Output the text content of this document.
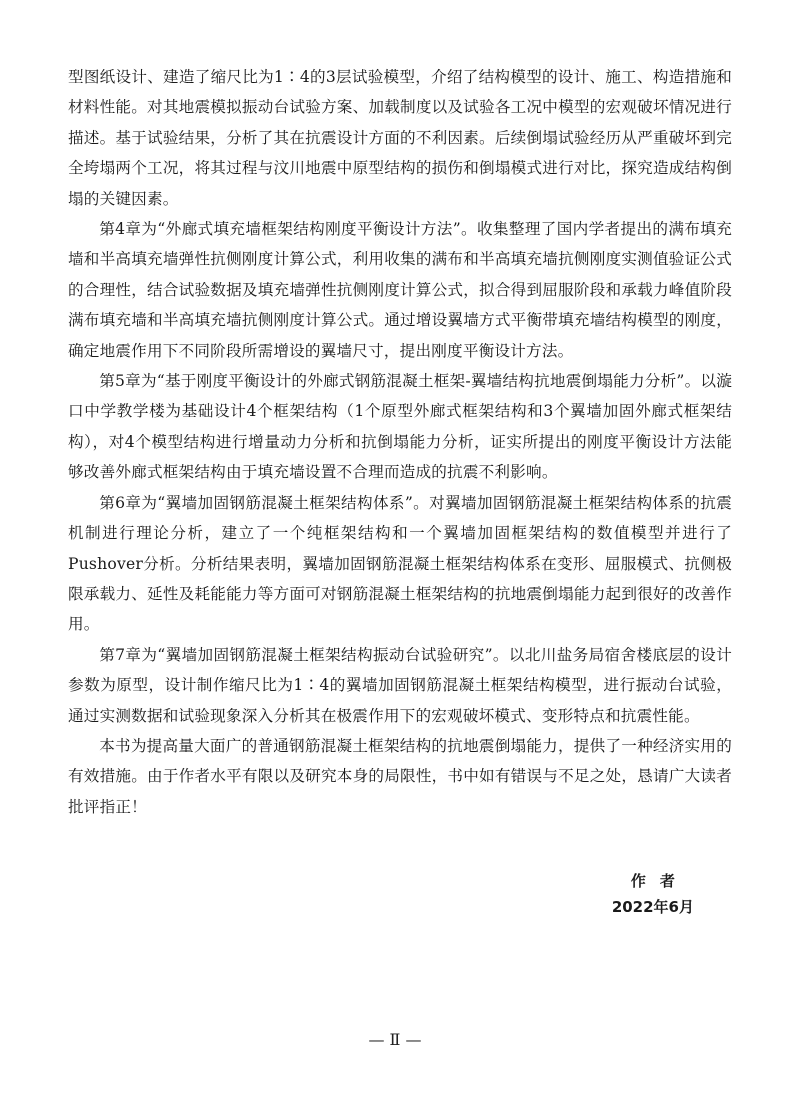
型图纸设计、建造了缩尺比为1∶4的3层试验模型，介绍了结构模型的设计、施工、构造措施和材料性能。对其地震模拟振动台试验方案、加载制度以及试验各工况中模型的宏观破坏情况进行描述。基于试验结果，分析了其在抗震设计方面的不利因素。后续倒塌试验经历从严重破坏到完全垮塌两个工况，将其过程与汶川地震中原型结构的损伤和倒塌模式进行对比，探究造成结构倒塌的关键因素。

第4章为“外廊式填充墙框架结构刚度平衡设计方法”。收集整理了国内学者提出的满布填充墙和半高填充墙弹性抗侧刚度计算公式，利用收集的满布和半高填充墙抗侧刚度实测值验证公式的合理性，结合试验数据及填充墙弹性抗侧刚度计算公式，拟合得到屈服阶段和承载力峰值阶段满布填充墙和半高填充墙抗侧刚度计算公式。通过增设翼墙方式平衡带填充墙结构模型的刚度，确定地震作用下不同阶段所需增设的翼墙尺寸，提出刚度平衡设计方法。

第5章为“基于刚度平衡设计的外廊式钢筋混凝土框架-翼墙结构抗地震倒塌能力分析”。以漩口中学教学楼为基础设计4个框架结构（1个原型外廊式框架结构和3个翼墙加固外廊式框架结构），对4个模型结构进行增量动力分析和抗倒塌能力分析，证实所提出的刚度平衡设计方法能够改善外廊式框架结构由于填充墙设置不合理而造成的抗震不利影响。

第6章为“翼墙加固钢筋混凝土框架结构体系”。对翼墙加固钢筋混凝土框架结构体系的抗震机制进行理论分析，建立了一个纯框架结构和一个翼墙加固框架结构的数值模型并进行了Pushover分析。分析结果表明，翼墙加固钢筋混凝土框架结构体系在变形、屈服模式、抗侧极限承载力、延性及耗能能力等方面可对钢筋混凝土框架结构的抗地震倒塌能力起到很好的改善作用。

第7章为“翼墙加固钢筋混凝土框架结构振动台试验研究”。以北川盐务局宿舍楼底层的设计参数为原型，设计制作缩尺比为1∶4的翼墙加固钢筋混凝土框架结构模型，进行振动台试验，通过实测数据和试验现象深入分析其在极震作用下的宏观破坏模式、变形特点和抗震性能。

本书为提高量大面广的普通钢筋混凝土框架结构的抗地震倒塌能力，提供了一种经济实用的有效措施。由于作者水平有限以及研究本身的局限性，书中如有错误与不足之处，恳请广大读者批评指正！

作者
2022年6月
— Ⅱ —
